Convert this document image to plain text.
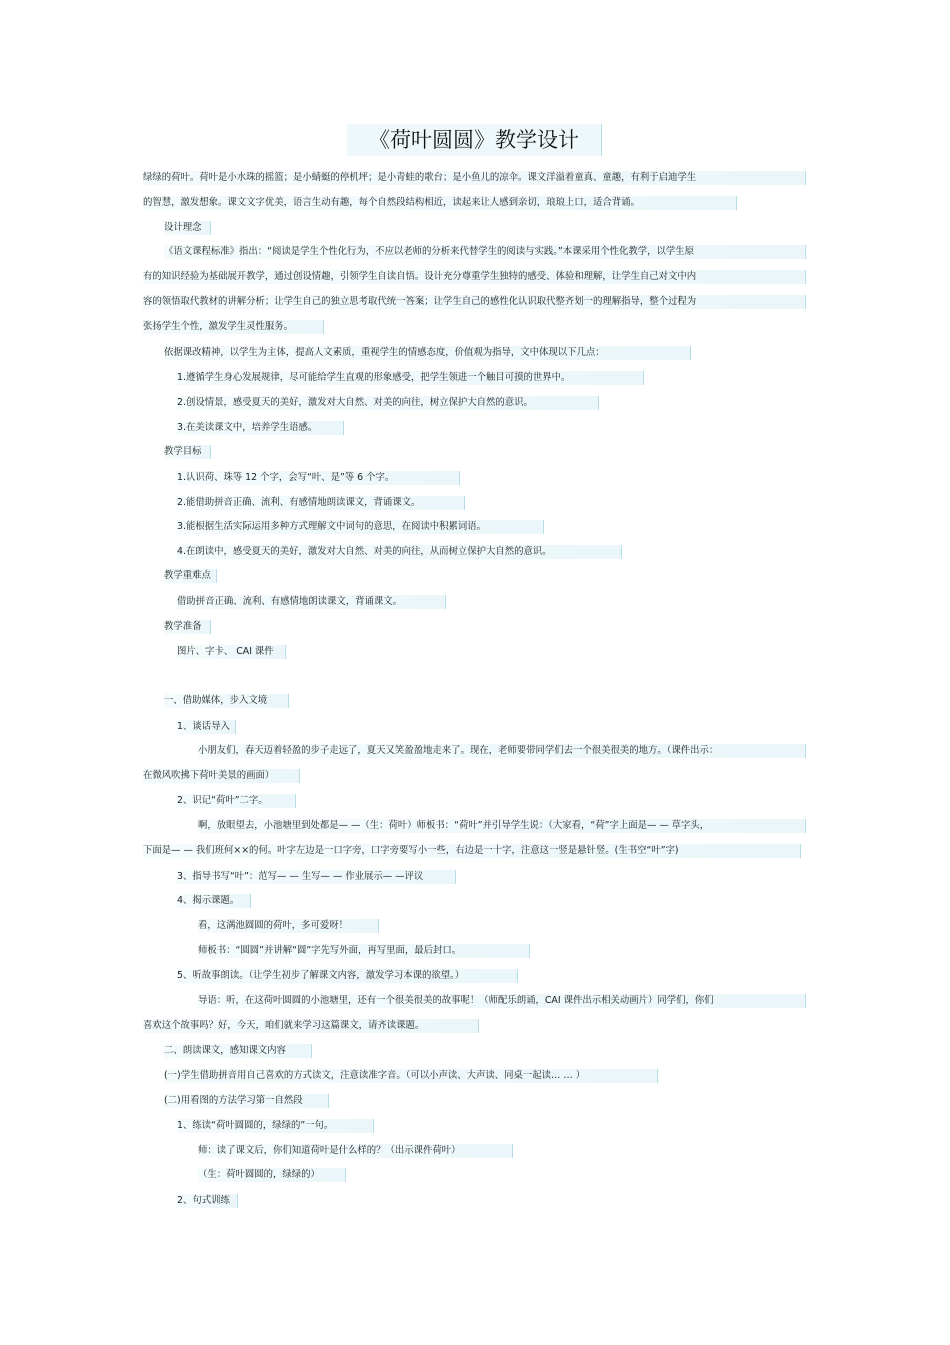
《荷叶圆圆》教学设计
绿绿的荷叶。荷叶是小水珠的摇篮；是小蜻蜓的停机坪；是小青蛙的歌台；是小鱼儿的凉伞。课文洋溢着童真、童趣，有利于启迪学生
的智慧，激发想象。课文文字优美，语言生动有趣，每个自然段结构相近，读起来让人感到亲切，琅琅上口，适合背诵。
设计理念
《语文课程标准》指出：“阅读是学生个性化行为，不应以老师的分析来代替学生的阅读与实践。”本课采用个性化教学，以学生原
有的知识经验为基础展开教学，通过创设情趣，引领学生自读自悟。设计充分尊重学生独特的感受、体验和理解，让学生自己对文中内
容的领悟取代教材的讲解分析；让学生自己的独立思考取代统一答案；让学生自己的感性化认识取代整齐划一的理解指导，整个过程为
张扬学生个性，激发学生灵性服务。
依据课改精神，以学生为主体，提高人文素质，重视学生的情感态度，价值观为指导，文中体现以下几点：
1.遵循学生身心发展规律，尽可能给学生直观的形象感受，把学生领进一个触目可摸的世界中。
2.创设情景，感受夏天的美好，激发对大自然、对美的向往，树立保护大自然的意识。
3.在美读课文中，培养学生语感。
教学目标
1.认识荷、珠等 12 个字，会写“叶、是”等 6 个字。
2.能借助拼音正确、流利、有感情地朗读课文，背诵课文。
3.能根据生活实际运用多种方式理解文中词句的意思，在阅读中积累词语。
4.在朗读中，感受夏天的美好，激发对大自然、对美的向往，从而树立保护大自然的意识。
教学重难点
借助拼音正确、流利、有感情地朗读课文，背诵课文。
教学准备
图片、字卡、 CAI 课件
一、借助媒体，步入文境
1、谈话导入
小朋友们，春天迈着轻盈的步子走远了，夏天又笑盈盈地走来了。现在，老师要带同学们去一个很美很美的地方。（课件出示：
在微风吹拂下荷叶美景的画面）
2、识记“荷叶”二字。
啊，放眼望去，小池塘里到处都是— —（生：荷叶）师板书：“荷叶”并引导学生说：（大家看，“荷”字上面是— — 草字头，
下面是— — 我们班何××的何。叶字左边是一口字旁，口字旁要写小一些，右边是一十字，注意这一竖是悬针竖。(生书空“叶”字)
3、指导书写“叶”：范写— — 生写— — 作业展示— —评议
4、揭示课题。
看，这满池圆圆的荷叶，多可爱呀！
师板书：“圆圆”并讲解“圆”字先写外面，再写里面，最后封口。
5、听故事朗读。（让学生初步了解课文内容，激发学习本课的欲望。）
导语：听，在这荷叶圆圆的小池塘里，还有一个很美很美的故事呢！（师配乐朗诵，CAI 课件出示相关动画片）同学们，你们
喜欢这个故事吗？好，今天，咱们就来学习这篇课文，请齐读课题。
二、朗读课文，感知课文内容
(一)学生借助拼音用自己喜欢的方式读文，注意读准字音。（可以小声读、大声读、同桌一起读… … ）
(二)用看图的方法学习第一自然段
1、练读“荷叶圆圆的，绿绿的”一句。
师：读了课文后，你们知道荷叶是什么样的？（出示课件荷叶）
（生：荷叶圆圆的，绿绿的）
2、句式训练
